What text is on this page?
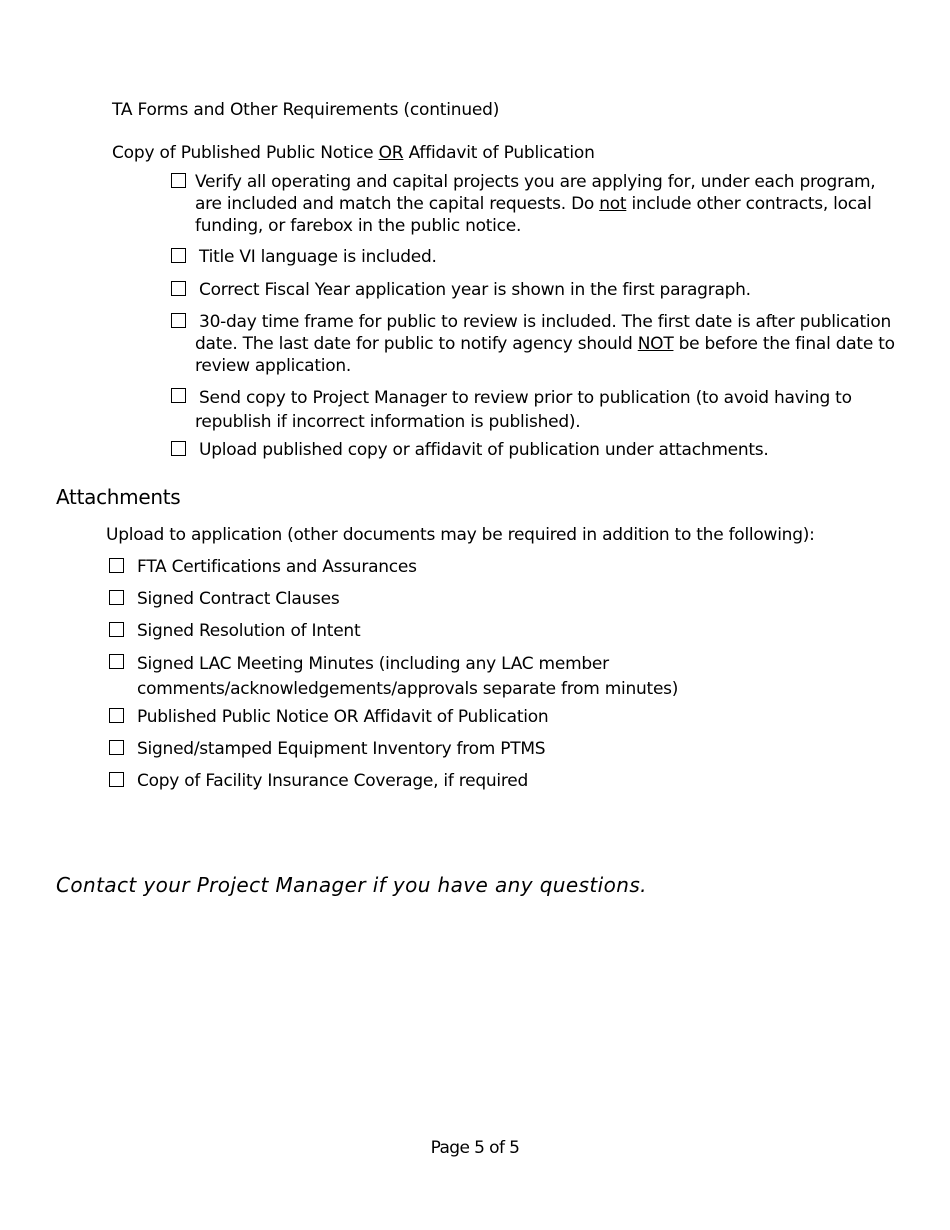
TA Forms and Other Requirements (continued)
Copy of Published Public Notice OR Affidavit of Publication
Verify all operating and capital projects you are applying for, under each program, are included and match the capital requests. Do not include other contracts, local funding, or farebox in the public notice.
Title VI language is included.
Correct Fiscal Year application year is shown in the first paragraph.
30-day time frame for public to review is included. The first date is after publication date. The last date for public to notify agency should NOT be before the final date to review application.
Send copy to Project Manager to review prior to publication (to avoid having to republish if incorrect information is published).
Upload published copy or affidavit of publication under attachments.
Attachments
Upload to application (other documents may be required in addition to the following):
FTA Certifications and Assurances
Signed Contract Clauses
Signed Resolution of Intent
Signed LAC Meeting Minutes (including any LAC member comments/acknowledgements/approvals separate from minutes)
Published Public Notice OR Affidavit of Publication
Signed/stamped Equipment Inventory from PTMS
Copy of Facility Insurance Coverage, if required
Contact your Project Manager if you have any questions.
Page 5 of 5
